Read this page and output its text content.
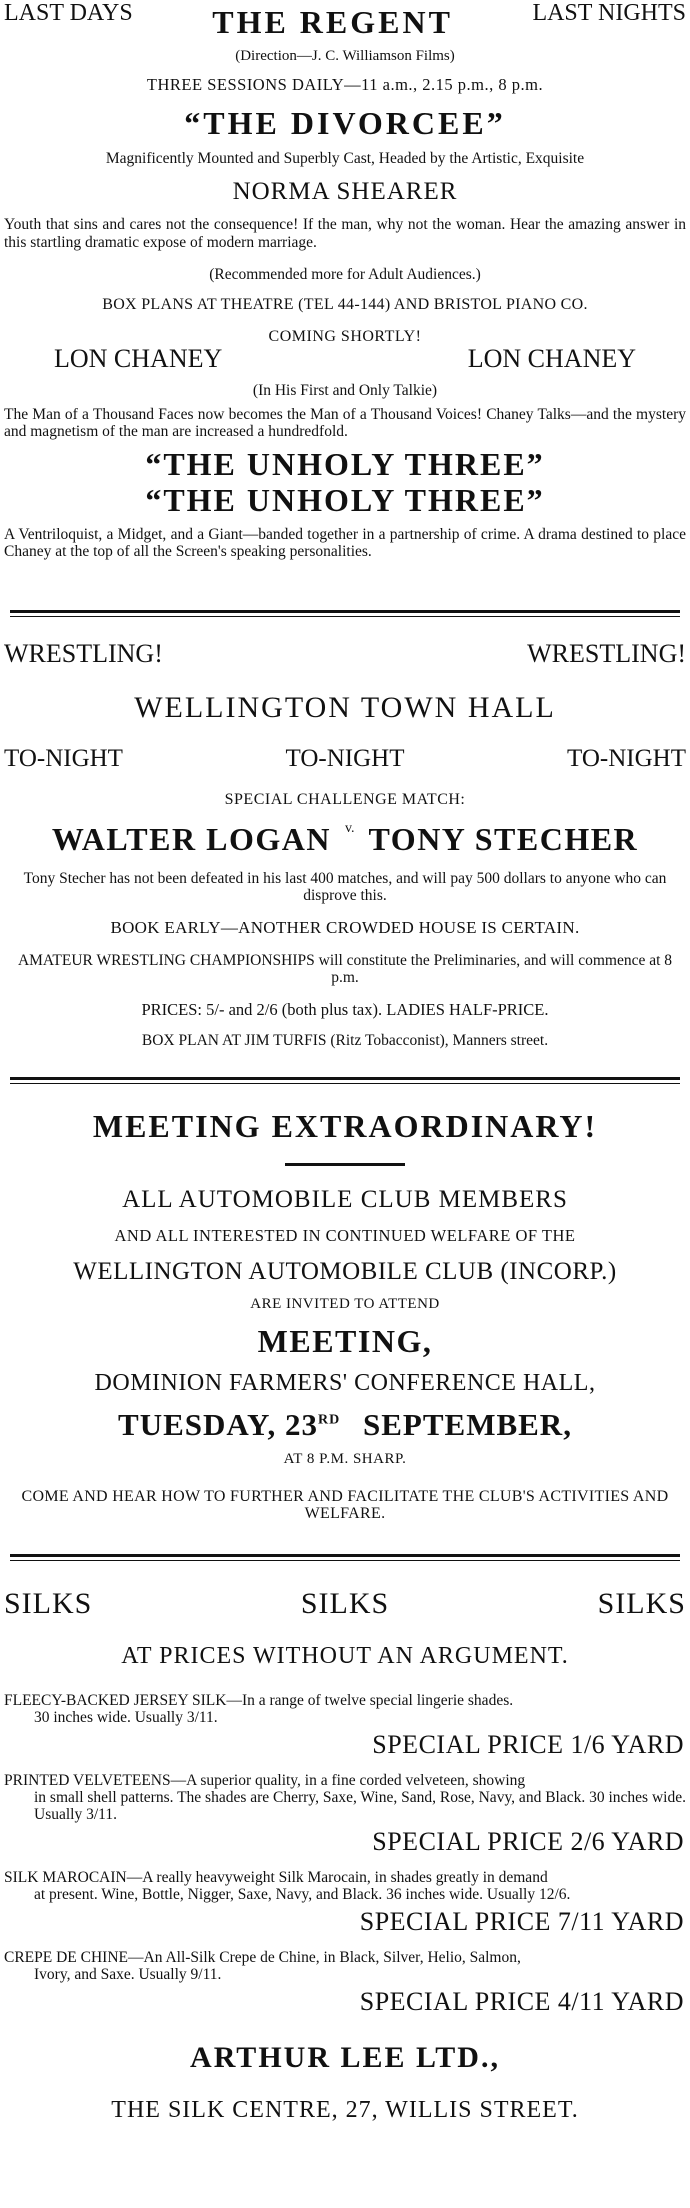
LAST DAYS THE REGENT	LAST NIGHTS
(Direction—J. C. Williamson Films)
THREE SESSIONS DAILY—11 a.m., 2.15 p.m., 8 p.m.
“THE DIVORCEE”
Magnificently Mounted and Superbly Cast, Headed by the Artistic, Exquisite
NORMA SHEARER
Youth that sins and cares not the consequence! If the man, why not the woman. Hear the amazing answer in this startling dramatic expose of modern marriage.
(Recommended more for Adult Audiences.)
BOX PLANS AT THEATRE (TEL 44-144) AND BRISTOL PIANO CO.
COMING SHORTLY!
LON CHANEY	LON CHANEY
(In His First and Only Talkie)
The Man of a Thousand Faces now becomes the Man of a Thousand Voices! Chaney Talks—and the mystery and magnetism of the man are increased a hundredfold.
“THE UNHOLY THREE”
“THE UNHOLY THREE”
A Ventriloquist, a Midget, and a Giant—banded together in a partnership of crime. A drama destined to place Chaney at the top of all the Screen's speaking personalities.
WRESTLING!	WRESTLING!
WELLINGTON TOWN HALL
TO-NIGHT	TO-NIGHT	TO-NIGHT
SPECIAL CHALLENGE MATCH:
WALTER LOGAN v. TONY STECHER
Tony Stecher has not been defeated in his last 400 matches, and will pay 500 dollars to anyone who can disprove this.
BOOK EARLY—ANOTHER CROWDED HOUSE IS CERTAIN.
AMATEUR WRESTLING CHAMPIONSHIPS will constitute the Preliminaries, and will commence at 8 p.m.
PRICES: 5/- and 2/6 (both plus tax). LADIES HALF-PRICE.
BOX PLAN AT JIM TURFIS (Ritz Tobacconist), Manners street.
MEETING EXTRAORDINARY!
ALL AUTOMOBILE CLUB MEMBERS
AND ALL INTERESTED IN CONTINUED WELFARE OF THE
WELLINGTON AUTOMOBILE CLUB (INCORP.)
ARE INVITED TO ATTEND
MEETING,
DOMINION FARMERS' CONFERENCE HALL,
TUESDAY, 23RD SEPTEMBER,
AT 8 P.M. SHARP.
COME AND HEAR HOW TO FURTHER AND FACILITATE THE CLUB'S ACTIVITIES AND WELFARE.
SILKS	SILKS	SILKS
AT PRICES WITHOUT AN ARGUMENT.
FLEECY-BACKED JERSEY SILK—In a range of twelve special lingerie shades.
30 inches wide. Usually 3/11.
SPECIAL PRICE 1/6 YARD
PRINTED VELVETEENS—A superior quality, in a fine corded velveteen, showing
in small shell patterns. The shades are Cherry, Saxe, Wine, Sand, Rose, Navy, and Black. 30 inches wide. Usually 3/11.
SPECIAL PRICE 2/6 YARD
SILK MAROCAIN—A really heavyweight Silk Marocain, in shades greatly in demand
at present. Wine, Bottle, Nigger, Saxe, Navy, and Black. 36 inches wide. Usually 12/6.
SPECIAL PRICE 7/11 YARD
CREPE DE CHINE—An All-Silk Crepe de Chine, in Black, Silver, Helio, Salmon,
Ivory, and Saxe. Usually 9/11.
SPECIAL PRICE 4/11 YARD
ARTHUR LEE LTD.,
THE SILK CENTRE, 27, WILLIS STREET.
